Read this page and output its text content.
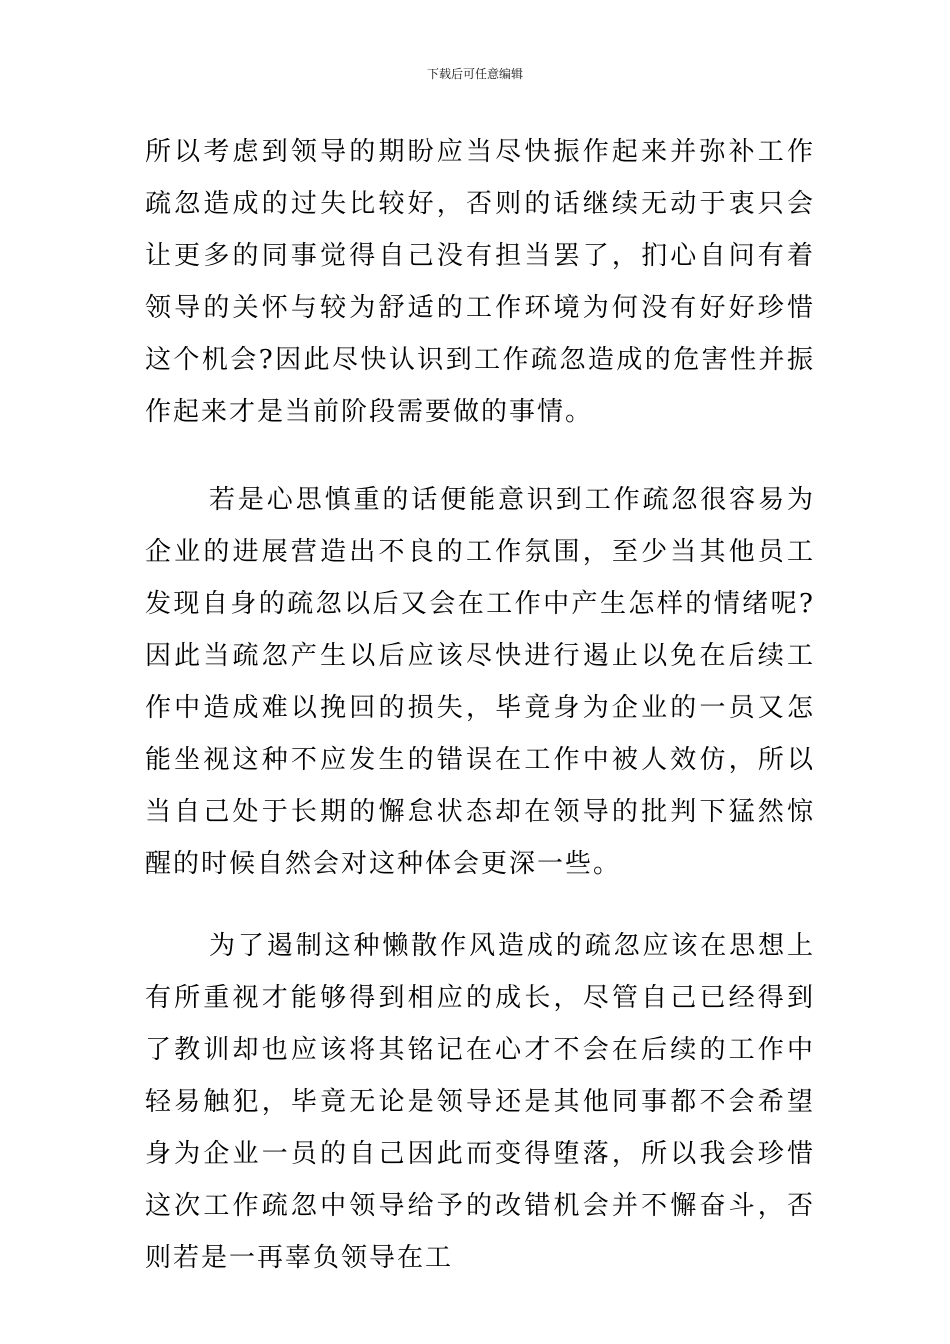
下载后可任意编辑

所以考虑到领导的期盼应当尽快振作起来并弥补工作疏忽造成的过失比较好，否则的话继续无动于衷只会让更多的同事觉得自己没有担当罢了，扪心自问有着领导的关怀与较为舒适的工作环境为何没有好好珍惜这个机会?因此尽快认识到工作疏忽造成的危害性并振作起来才是当前阶段需要做的事情。

若是心思慎重的话便能意识到工作疏忽很容易为企业的进展营造出不良的工作氛围，至少当其他员工发现自身的疏忽以后又会在工作中产生怎样的情绪呢?因此当疏忽产生以后应该尽快进行遏止以免在后续工作中造成难以挽回的损失，毕竟身为企业的一员又怎能坐视这种不应发生的错误在工作中被人效仿，所以当自己处于长期的懈怠状态却在领导的批判下猛然惊醒的时候自然会对这种体会更深一些。

为了遏制这种懒散作风造成的疏忽应该在思想上有所重视才能够得到相应的成长，尽管自己已经得到了教训却也应该将其铭记在心才不会在后续的工作中轻易触犯，毕竟无论是领导还是其他同事都不会希望身为企业一员的自己因此而变得堕落，所以我会珍惜这次工作疏忽中领导给予的改错机会并不懈奋斗，否则若是一再辜负领导在工
